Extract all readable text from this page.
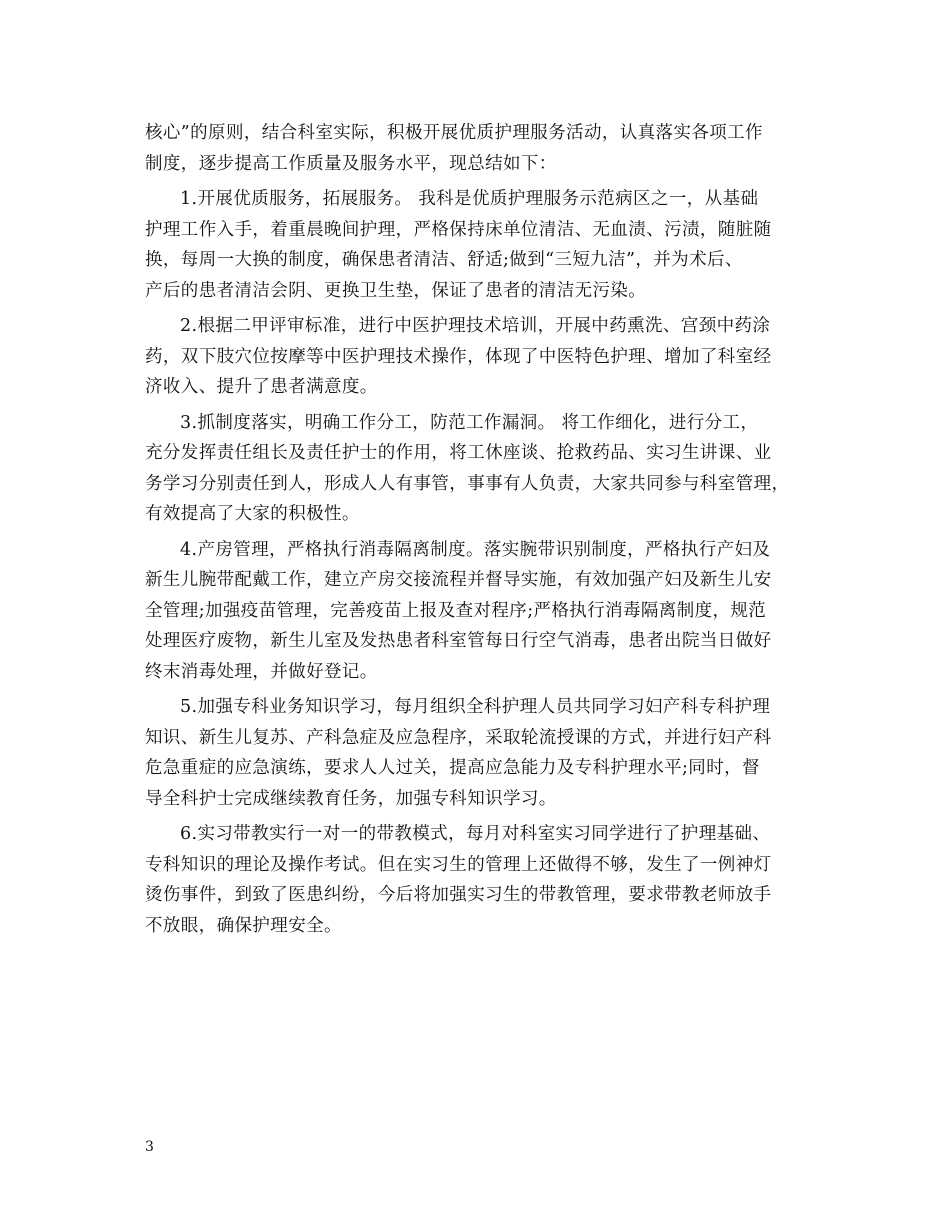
核心”的原则，结合科室实际，积极开展优质护理服务活动，认真落实各项工作
制度，逐步提高工作质量及服务水平，现总结如下：
1.开展优质服务，拓展服务。 我科是优质护理服务示范病区之一，从基础
护理工作入手，着重晨晚间护理，严格保持床单位清洁、无血渍、污渍，随脏随
换，每周一大换的制度，确保患者清洁、舒适;做到“三短九洁”，并为术后、
产后的患者清洁会阴、更换卫生垫，保证了患者的清洁无污染。
2.根据二甲评审标准，进行中医护理技术培训，开展中药熏洗、宫颈中药涂
药，双下肢穴位按摩等中医护理技术操作，体现了中医特色护理、增加了科室经
济收入、提升了患者满意度。
3.抓制度落实，明确工作分工，防范工作漏洞。 将工作细化，进行分工，
充分发挥责任组长及责任护士的作用，将工休座谈、抢救药品、实习生讲课、业
务学习分别责任到人，形成人人有事管，事事有人负责，大家共同参与科室管理，
有效提高了大家的积极性。
4.产房管理，严格执行消毒隔离制度。落实腕带识别制度，严格执行产妇及
新生儿腕带配戴工作，建立产房交接流程并督导实施，有效加强产妇及新生儿安
全管理;加强疫苗管理，完善疫苗上报及查对程序;严格执行消毒隔离制度，规范
处理医疗废物，新生儿室及发热患者科室管每日行空气消毒，患者出院当日做好
终末消毒处理，并做好登记。
5.加强专科业务知识学习，每月组织全科护理人员共同学习妇产科专科护理
知识、新生儿复苏、产科急症及应急程序，采取轮流授课的方式，并进行妇产科
危急重症的应急演练，要求人人过关，提高应急能力及专科护理水平;同时，督
导全科护士完成继续教育任务，加强专科知识学习。
6.实习带教实行一对一的带教模式，每月对科室实习同学进行了护理基础、
专科知识的理论及操作考试。但在实习生的管理上还做得不够，发生了一例神灯
烫伤事件，到致了医患纠纷，今后将加强实习生的带教管理，要求带教老师放手
不放眼，确保护理安全。
3
